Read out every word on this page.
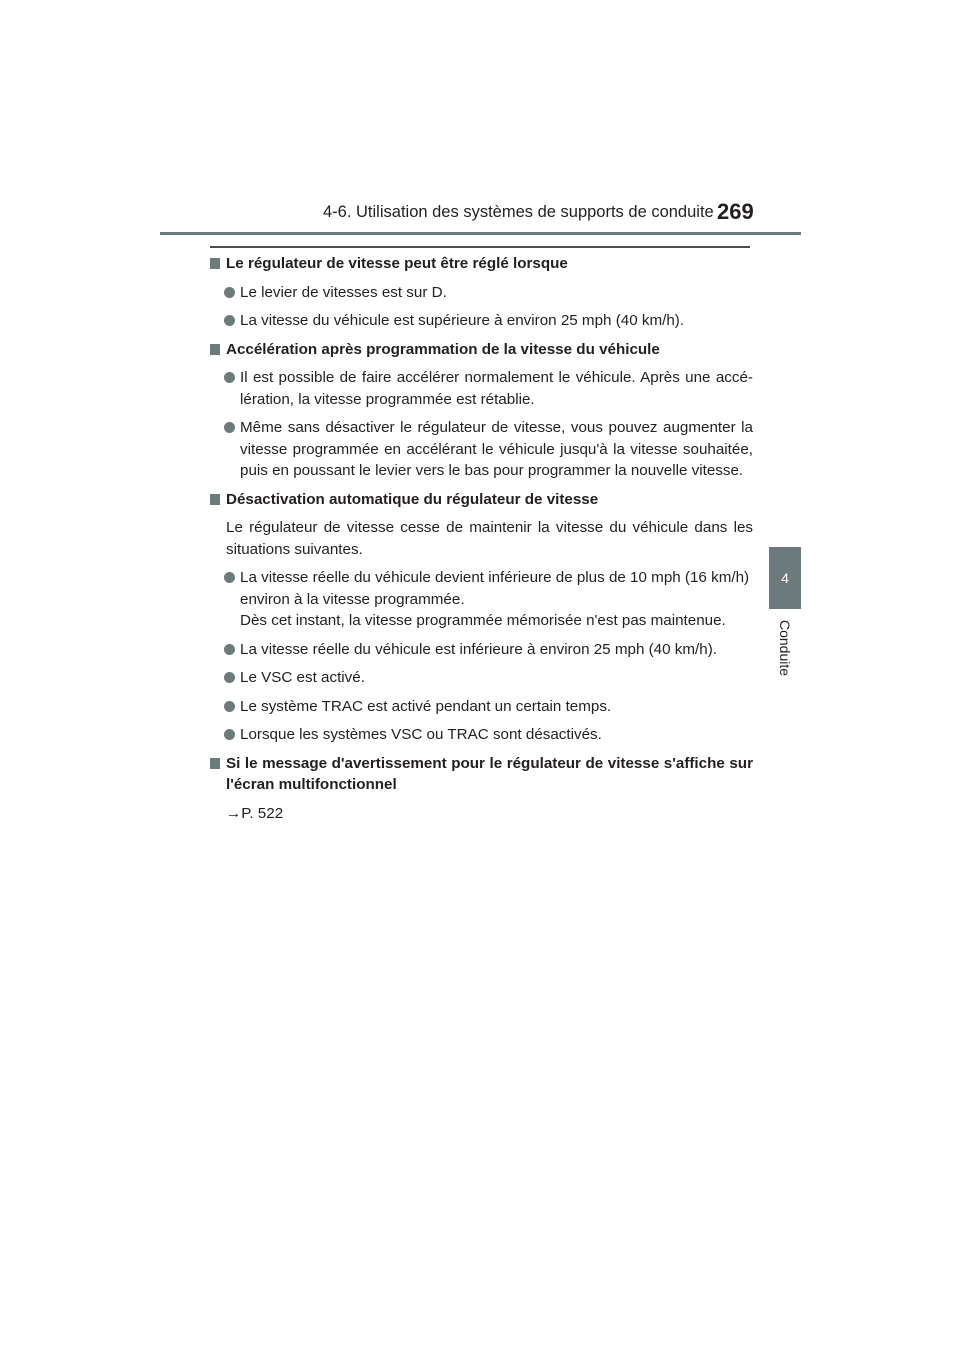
4-6. Utilisation des systèmes de supports de conduite 269
4
Conduite
Le régulateur de vitesse peut être réglé lorsque
Le levier de vitesses est sur D.
La vitesse du véhicule est supérieure à environ 25 mph (40 km/h).
Accélération après programmation de la vitesse du véhicule
Il est possible de faire accélérer normalement le véhicule. Après une accé-
lération, la vitesse programmée est rétablie.
Même sans désactiver le régulateur de vitesse, vous pouvez augmenter la
vitesse programmée en accélérant le véhicule jusqu'à la vitesse souhaitée,
puis en poussant le levier vers le bas pour programmer la nouvelle vitesse.
Désactivation automatique du régulateur de vitesse
Le régulateur de vitesse cesse de maintenir la vitesse du véhicule dans les
situations suivantes.
La vitesse réelle du véhicule devient inférieure de plus de 10 mph (16 km/h)
environ à la vitesse programmée.
Dès cet instant, la vitesse programmée mémorisée n'est pas maintenue.
La vitesse réelle du véhicule est inférieure à environ 25 mph (40 km/h).
Le VSC est activé.
Le système TRAC est activé pendant un certain temps.
Lorsque les systèmes VSC ou TRAC sont désactivés.
Si le message d'avertissement pour le régulateur de vitesse s'affiche sur
l'écran multifonctionnel
→P. 522
